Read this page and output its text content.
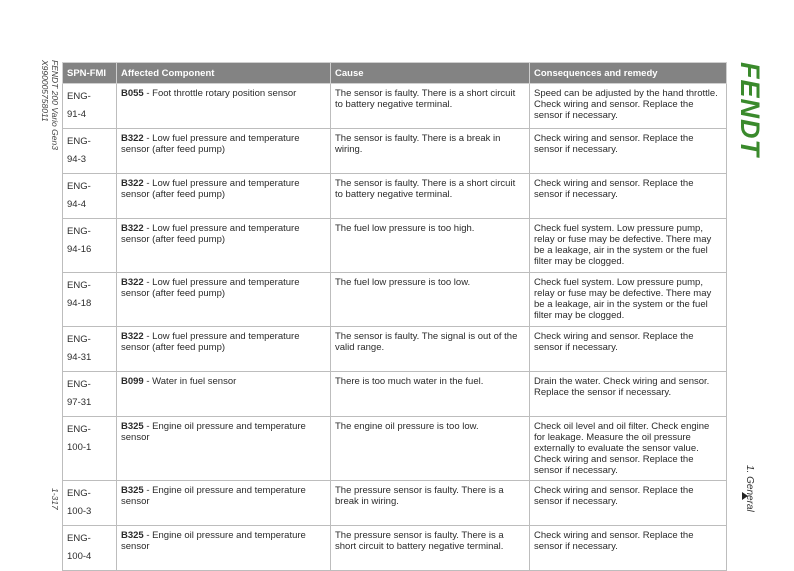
FENDT 200 Vario Gen3
X990005758011
1-317
FENDT
1. General
SPN-FMI	Affected Component	Cause	Consequences and remedy
ENG-
91-4	B055 - Foot throttle rotary position sensor	The sensor is faulty. There is a short circuit to battery negative terminal.	Speed can be adjusted by the hand throttle. Check wiring and sensor. Replace the sensor if necessary.
ENG-
94-3	B322 - Low fuel pressure and temperature sensor (after feed pump)	The sensor is faulty. There is a break in wiring.	Check wiring and sensor. Replace the sensor if necessary.
ENG-
94-4	B322 - Low fuel pressure and temperature sensor (after feed pump)	The sensor is faulty. There is a short circuit to battery negative terminal.	Check wiring and sensor. Replace the sensor if necessary.
ENG-
94-16	B322 - Low fuel pressure and temperature sensor (after feed pump)	The fuel low pressure is too high.	Check fuel system. Low pressure pump, relay or fuse may be defective. There may be a leakage, air in the system or the fuel filter may be clogged.
ENG-
94-18	B322 - Low fuel pressure and temperature sensor (after feed pump)	The fuel low pressure is too low.	Check fuel system. Low pressure pump, relay or fuse may be defective. There may be a leakage, air in the system or the fuel filter may be clogged.
ENG-
94-31	B322 - Low fuel pressure and temperature sensor (after feed pump)	The sensor is faulty. The signal is out of the valid range.	Check wiring and sensor. Replace the sensor if necessary.
ENG-
97-31	B099 - Water in fuel sensor	There is too much water in the fuel.	Drain the water. Check wiring and sensor. Replace the sensor if necessary.
ENG-
100-1	B325 - Engine oil pressure and temperature sensor	The engine oil pressure is too low.	Check oil level and oil filter. Check engine for leakage. Measure the oil pressure externally to evaluate the sensor value. Check wiring and sensor. Replace the sensor if necessary.
ENG-
100-3	B325 - Engine oil pressure and temperature sensor	The pressure sensor is faulty. There is a break in wiring.	Check wiring and sensor. Replace the sensor if necessary.
ENG-
100-4	B325 - Engine oil pressure and temperature sensor	The pressure sensor is faulty. There is a short circuit to battery negative terminal.	Check wiring and sensor. Replace the sensor if necessary.
